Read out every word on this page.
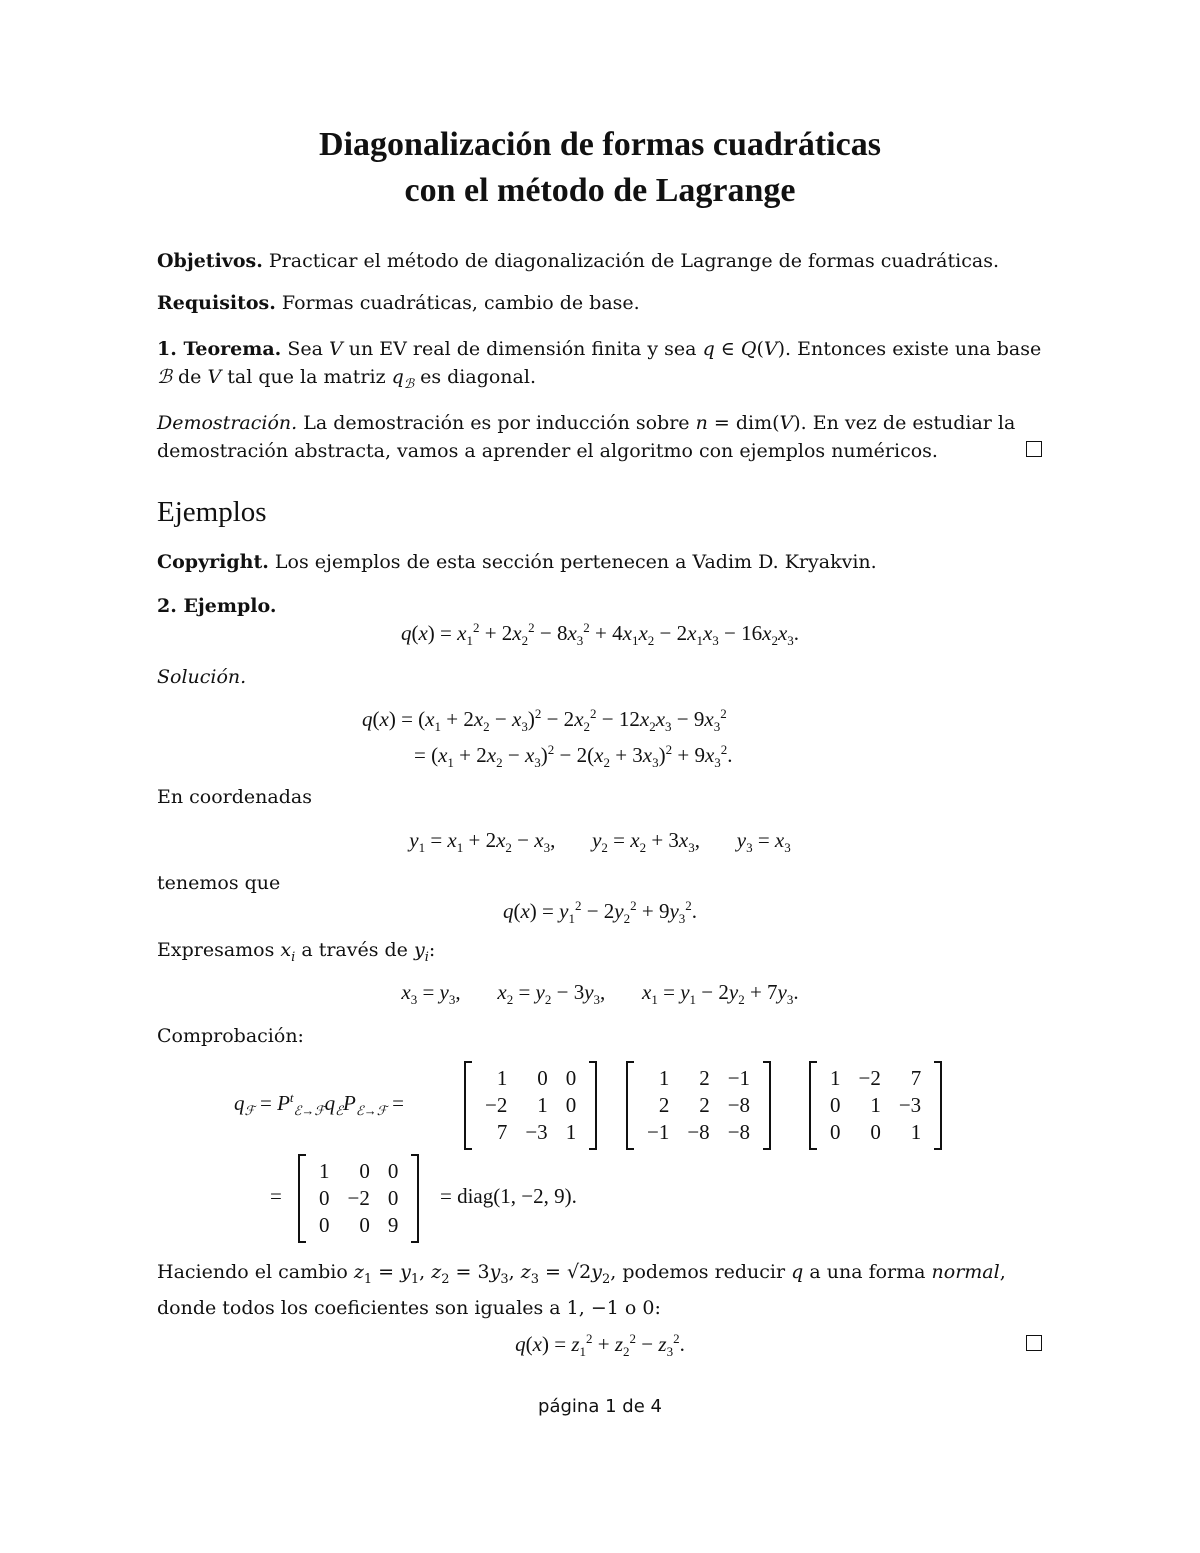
Diagonalización de formas cuadráticas
con el método de Lagrange
Objetivos. Practicar el método de diagonalización de Lagrange de formas cuadráticas.
Requisitos. Formas cuadráticas, cambio de base.
1. Teorema. Sea V un EV real de dimensión finita y sea q ∈ Q(V). Entonces existe una base ℬ de V tal que la matriz $q_ℬ$ es diagonal.
Demostración. La demostración es por inducción sobre n = dim(V). En vez de estudiar la demostración abstracta, vamos a aprender el algoritmo con ejemplos numéricos.
Ejemplos
Copyright. Los ejemplos de esta sección pertenecen a Vadim D. Kryakvin.
2. Ejemplo.
$q(x) = x_1^2 + 2x_2^2 - 8x_3^2 + 4x_1x_2 - 2x_1x_3 - 16x_2x_3$.
Solución.
$q(x) = (x_1 + 2x_2 - x_3)^2 - 2x_2^2 - 12x_2x_3 - 9x_3^2$
= $(x_1 + 2x_2 - x_3)^2 - 2(x_2 + 3x_3)^2 + 9x_3^2$.
En coordenadas
$y_1 = x_1 + 2x_2 - x_3$,       $y_2 = x_2 + 3x_3$,       $y_3 = x_3$
tenemos que
$q(x) = y_1^2 - 2y_2^2 + 9y_3^2$.
Expresamos $x_i$ a través de $y_i$:
$x_3 = y_3$,       $x_2 = y_2 - 3y_3$,       $x_1 = y_1 - 2y_2 + 7y_3$.
Comprobación:
$q_ℱ = P^t_{ℰ\to ℱ}q_ℰP_{ℰ\to ℱ}$ =
1	0	0
−2	1	0
7	−3	1
1	2	−1
2	2	−8
−1	−8	−8
1	−2	7
0	1	−3
0	0	1
=
1	0	0
0	−2	0
0	0	9
= diag(1, −2, 9).
Haciendo el cambio $z_1 = y_1$, $z_2 = 3y_3$, $z_3 = √2y_2$, podemos reducir q a una forma normal, donde todos los coeficientes son iguales a 1, −1 o 0:
$q(x) = z_1^2 + z_2^2 - z_3^2$.
página 1 de 4
